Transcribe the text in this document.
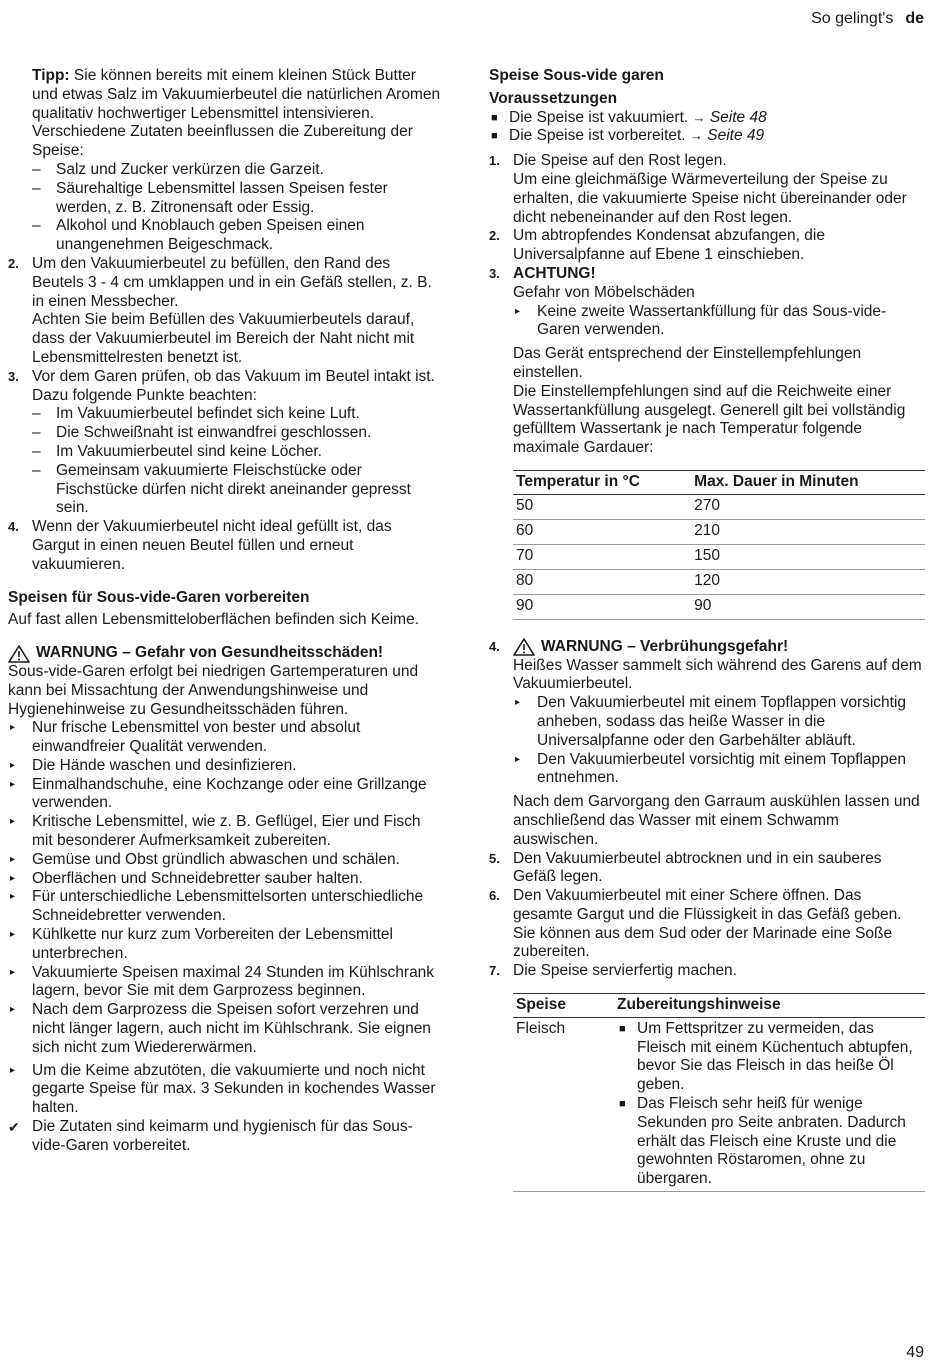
So gelingt's de

Tipp: Sie können bereits mit einem kleinen Stück Butter und etwas Salz im Vakuumierbeutel die natürlichen Aromen qualitativ hochwertiger Lebensmittel intensivieren.

Verschiedene Zutaten beeinflussen die Zubereitung der Speise:

– Salz und Zucker verkürzen die Garzeit.
– Säurehaltige Lebensmittel lassen Speisen fester werden, z. B. Zitronensaft oder Essig.
– Alkohol und Knoblauch geben Speisen einen unangenehmen Beigeschmack.
2. Um den Vakuumierbeutel zu befüllen, den Rand des Beutels 3 - 4 cm umklappen und in ein Gefäß stellen, z. B. in einen Messbecher.

Achten Sie beim Befüllen des Vakuumierbeutels darauf, dass der Vakuumierbeutel im Bereich der Naht nicht mit Lebensmittelresten benetzt ist.

3. Vor dem Garen prüfen, ob das Vakuum im Beutel intakt ist.

Dazu folgende Punkte beachten:

– Im Vakuumierbeutel befindet sich keine Luft.
– Die Schweißnaht ist einwandfrei geschlossen.
– Im Vakuumierbeutel sind keine Löcher.
– Gemeinsam vakuumierte Fleischstücke oder Fischstücke dürfen nicht direkt aneinander gepresst sein.
4. Wenn der Vakuumierbeutel nicht ideal gefüllt ist, das Gargut in einen neuen Beutel füllen und erneut vakuumieren.

Speisen für Sous-vide-Garen vorbereiten

Auf fast allen Lebensmitteloberflächen befinden sich Keime.

WARNUNG – Gefahr von Gesundheitsschäden!

Sous-vide-Garen erfolgt bei niedrigen Gartemperaturen und kann bei Missachtung der Anwendungshinweise und Hygienehinweise zu Gesundheitsschäden führen.

▸ Nur frische Lebensmittel von bester und absolut einwandfreier Qualität verwenden.
▸ Die Hände waschen und desinfizieren.
▸ Einmalhandschuhe, eine Kochzange oder eine Grillzange verwenden.
▸ Kritische Lebensmittel, wie z. B. Geflügel, Eier und Fisch mit besonderer Aufmerksamkeit zubereiten.
▸ Gemüse und Obst gründlich abwaschen und schälen.
▸ Oberflächen und Schneidebretter sauber halten.
▸ Für unterschiedliche Lebensmittelsorten unterschiedliche Schneidebretter verwenden.
▸ Kühlkette nur kurz zum Vorbereiten der Lebensmittel unterbrechen.
▸ Vakuumierte Speisen maximal 24 Stunden im Kühlschrank lagern, bevor Sie mit dem Garprozess beginnen.
▸ Nach dem Garprozess die Speisen sofort verzehren und nicht länger lagern, auch nicht im Kühlschrank. Sie eignen sich nicht zum Wiedererwärmen.
▸ Um die Keime abzutöten, die vakuumierte und noch nicht gegarte Speise für max. 3 Sekunden in kochendes Wasser halten.
✔ Die Zutaten sind keimarm und hygienisch für das Sous-vide-Garen vorbereitet.

Speise Sous-vide garen

Voraussetzungen

■ Die Speise ist vakuumiert. → Seite 48
■ Die Speise ist vorbereitet. → Seite 49
1. Die Speise auf den Rost legen.

Um eine gleichmäßige Wärmeverteilung der Speise zu erhalten, die vakuumierte Speise nicht übereinander oder dicht nebeneinander auf den Rost legen.

2. Um abtropfendes Kondensat abzufangen, die Universalpfanne auf Ebene 1 einschieben.

3. ACHTUNG!

Gefahr von Möbelschäden

▸ Keine zweite Wassertankfüllung für das Sous-vide-Garen verwenden.

Das Gerät entsprechend der Einstellempfehlungen einstellen.

Die Einstellempfehlungen sind auf die Reichweite einer Wassertankfüllung ausgelegt. Generell gilt bei vollständig gefülltem Wassertank je nach Temperatur folgende maximale Gardauer:

Temperatur in °C	Max. Dauer in Minuten
50	270
60	210
70	150
80	120
90	90
4.	WARNUNG – Verbrühungsgefahr!

Heißes Wasser sammelt sich während des Garens auf dem Vakuumierbeutel.

▸ Den Vakuumierbeutel mit einem Topflappen vorsichtig anheben, sodass das heiße Wasser in die Universalpfanne oder den Garbehälter abläuft.
▸ Den Vakuumierbeutel vorsichtig mit einem Topflappen entnehmen.

Nach dem Garvorgang den Garraum auskühlen lassen und anschließend das Wasser mit einem Schwamm auswischen.

5. Den Vakuumierbeutel abtrocknen und in ein sauberes Gefäß legen.

6. Den Vakuumierbeutel mit einer Schere öffnen. Das gesamte Gargut und die Flüssigkeit in das Gefäß geben.

Sie können aus dem Sud oder der Marinade eine Soße zubereiten.

7. Die Speise servierfertig machen.

Speise	Zubereitungshinweise
Fleisch	■ Um Fettspritzer zu vermeiden, das Fleisch mit einem Küchentuch abtupfen, bevor Sie das Fleisch in das heiße Öl geben.
■ Das Fleisch sehr heiß für wenige Sekunden pro Seite anbraten. Dadurch erhält das Fleisch eine Kruste und die gewohnten Röstaromen, ohne zu übergaren.
49
